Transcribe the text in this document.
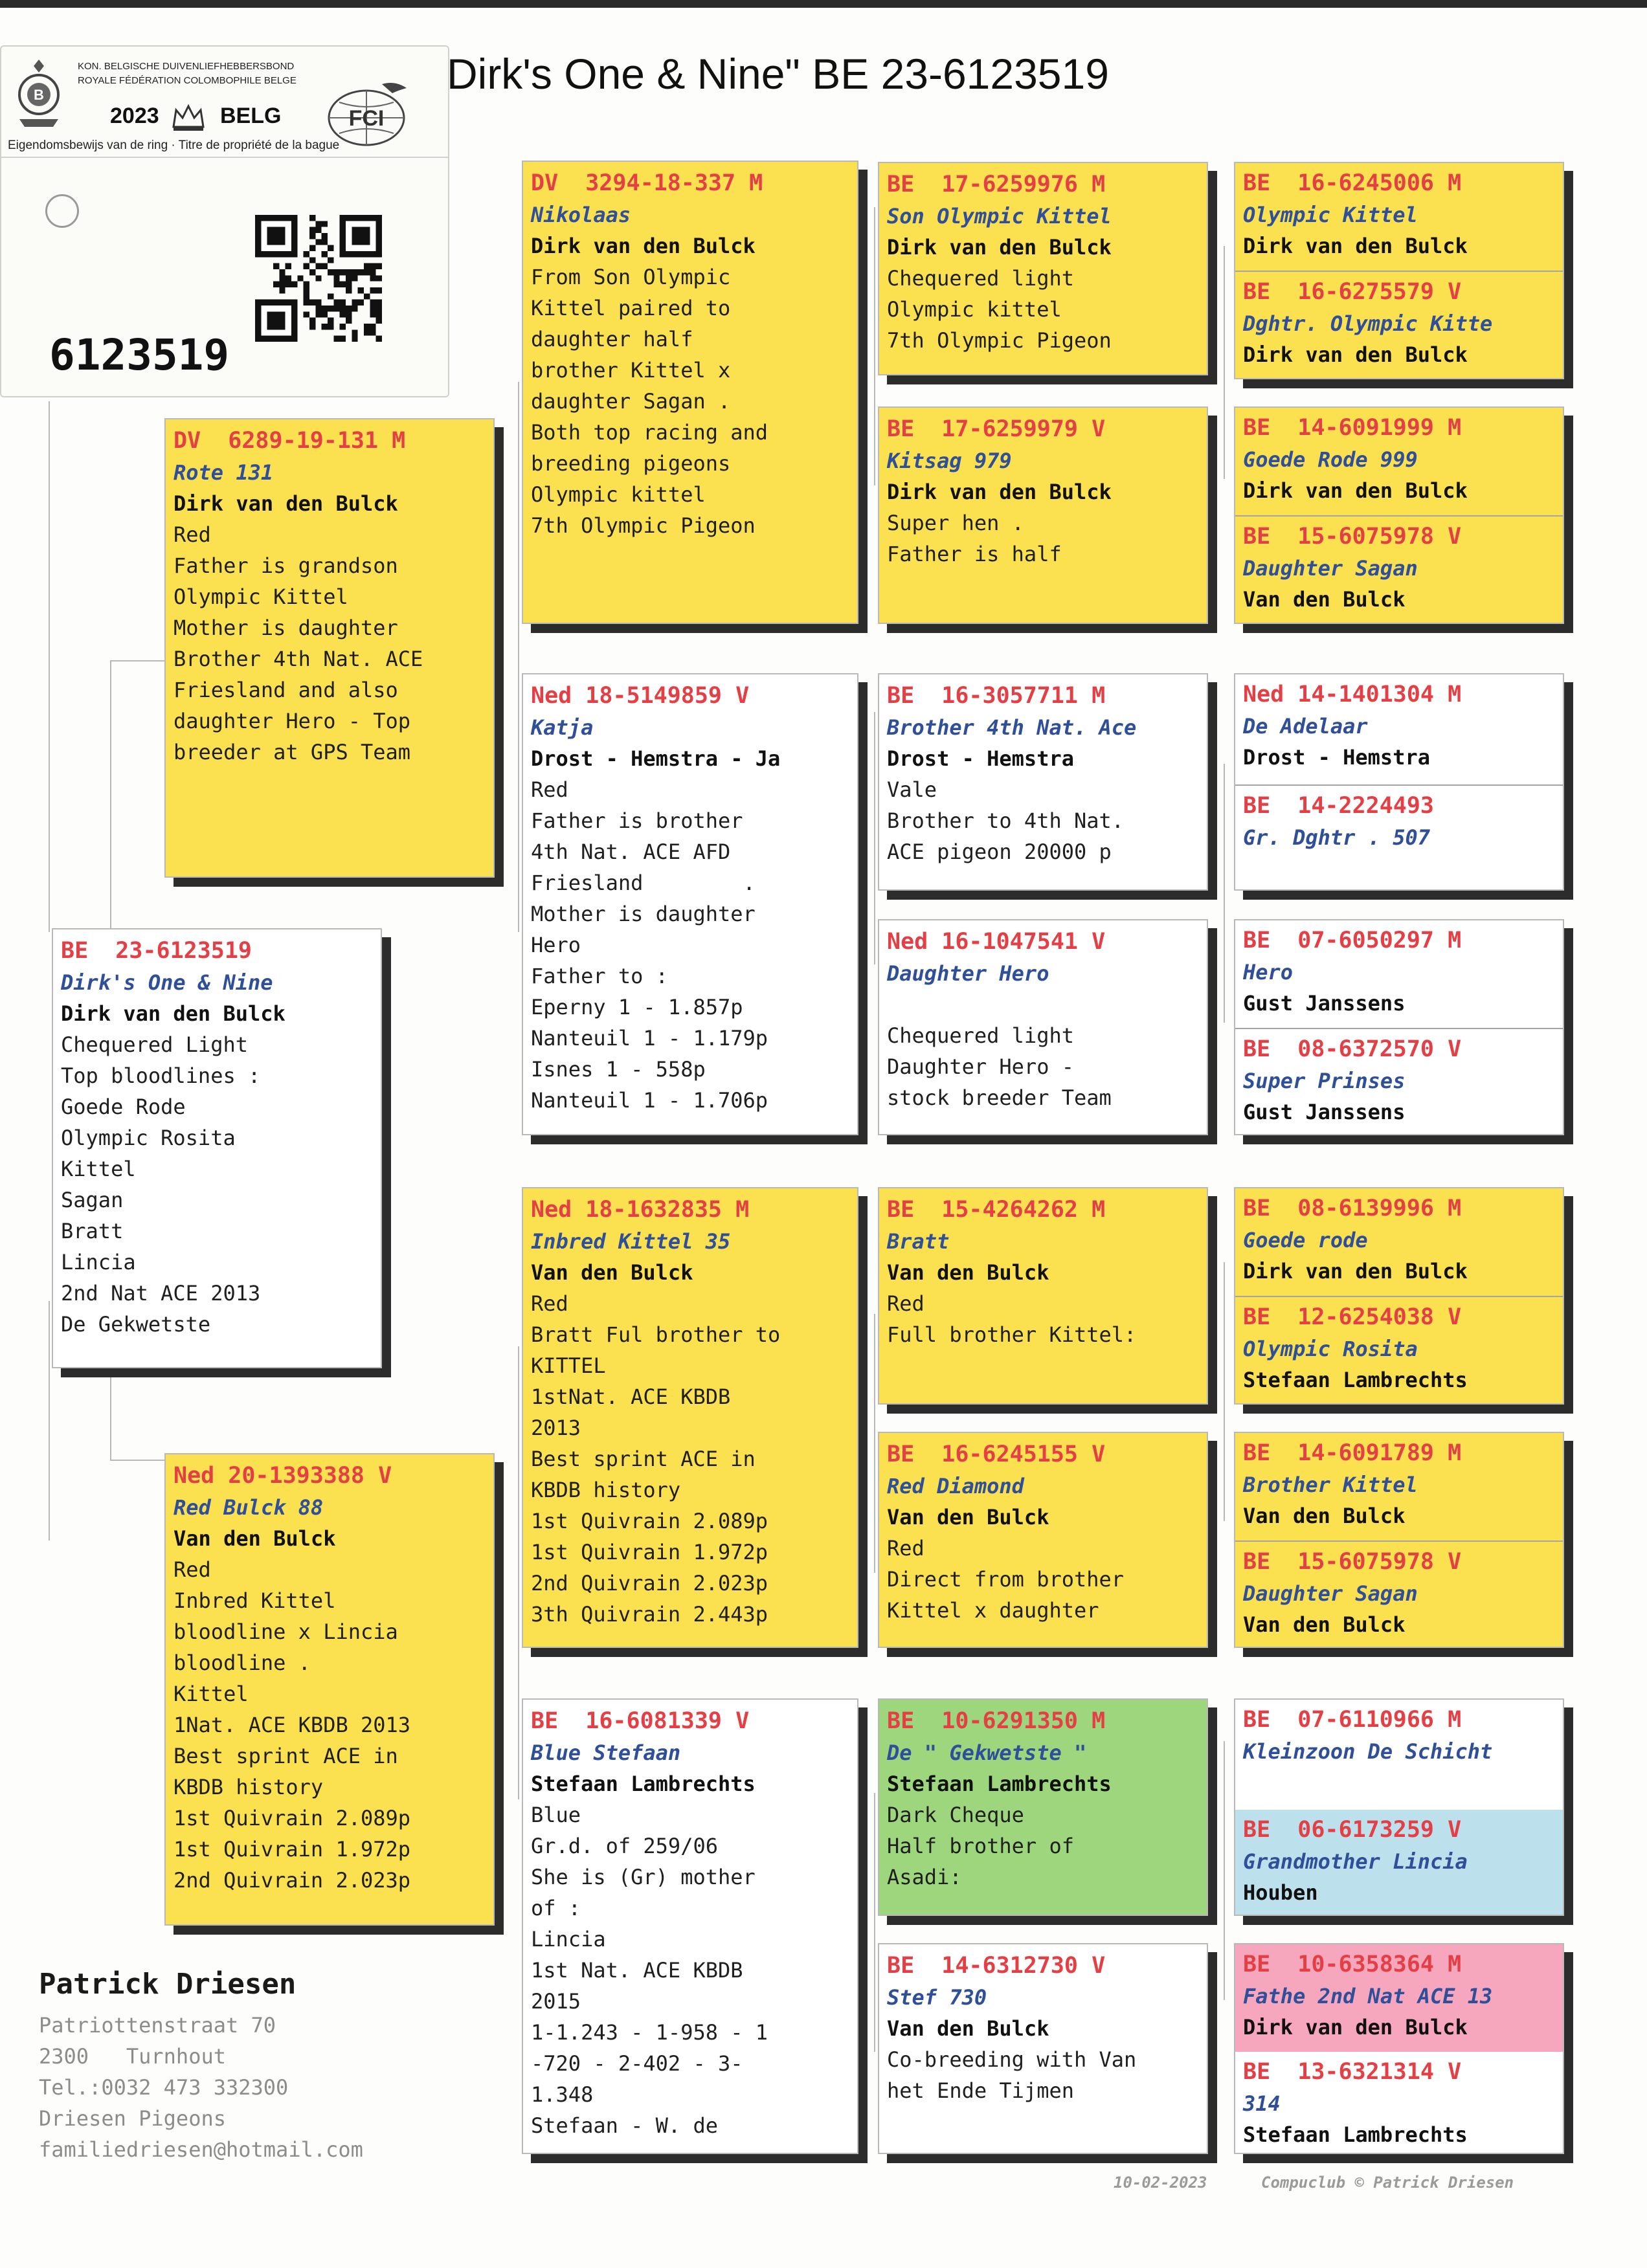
B
KON. BELGISCHE DUIVENLIEFHEBBERSBOND
ROYALE FÉDÉRATION COLOMBOPHILE BELGE
2023	BELG	FCI
Eigendomsbewijs van de ring · Titre de propriété de la bague
6123519
Dirk's One & Nine" BE 23-6123519

BE  23-6123519

Dirk's One & Nine

Dirk van den Bulck

Chequered Light

Top bloodlines :

Goede Rode

Olympic Rosita

Kittel

Sagan

Bratt

Lincia

2nd Nat ACE 2013

De Gekwetste

DV  6289-19-131 M

Rote 131

Dirk van den Bulck

Red

Father is grandson

Olympic Kittel

Mother is daughter

Brother 4th Nat. ACE

Friesland and also

daughter Hero - Top

breeder at GPS Team

Ned 20-1393388 V

Red Bulck 88

Van den Bulck

Red

Inbred Kittel

bloodline x Lincia

bloodline .

Kittel

1Nat. ACE KBDB 2013

Best sprint ACE in

KBDB history

1st Quivrain 2.089p

1st Quivrain 1.972p

2nd Quivrain 2.023p

DV  3294-18-337 M

Nikolaas

Dirk van den Bulck

From Son Olympic

Kittel paired to

daughter half

brother Kittel x

daughter Sagan .

Both top racing and

breeding pigeons

Olympic kittel

7th Olympic Pigeon

Ned 18-5149859 V

Katja

Drost - Hemstra - Ja

Red

Father is brother

4th Nat. ACE AFD

Friesland        .

Mother is daughter

Hero

Father to :

Eperny 1 - 1.857p

Nanteuil 1 - 1.179p

Isnes 1 - 558p

Nanteuil 1 - 1.706p

Ned 18-1632835 M

Inbred Kittel 35

Van den Bulck

Red

Bratt Ful brother to

KITTEL

1stNat. ACE KBDB

2013

Best sprint ACE in

KBDB history

1st Quivrain 2.089p

1st Quivrain 1.972p

2nd Quivrain 2.023p

3th Quivrain 2.443p

BE  16-6081339 V

Blue Stefaan

Stefaan Lambrechts

Blue

Gr.d. of 259/06

She is (Gr) mother

of :

Lincia

1st Nat. ACE KBDB

2015

1-1.243 - 1-958 - 1

-720 - 2-402 - 3-

1.348

Stefaan - W. de

BE  17-6259976 M

Son Olympic Kittel

Dirk van den Bulck

Chequered light

Olympic kittel

7th Olympic Pigeon

BE  17-6259979 V

Kitsag 979

Dirk van den Bulck

Super hen .

Father is half

BE  16-3057711 M

Brother 4th Nat. Ace

Drost - Hemstra

Vale

Brother to 4th Nat.

ACE pigeon 20000 p

Ned 16-1047541 V

Daughter Hero

Chequered light

Daughter Hero -

stock breeder Team

BE  15-4264262 M

Bratt

Van den Bulck

Red

Full brother Kittel:

BE  16-6245155 V

Red Diamond

Van den Bulck

Red

Direct from brother

Kittel x daughter

BE  10-6291350 M

De " Gekwetste "

Stefaan Lambrechts

Dark Cheque

Half brother of

Asadi:

BE  14-6312730 V

Stef 730

Van den Bulck

Co-breeding with Van

het Ende Tijmen

BE  16-6245006 M

Olympic Kittel

Dirk van den Bulck

BE  16-6275579 V

Dghtr. Olympic Kitte

Dirk van den Bulck

BE  14-6091999 M

Goede Rode 999

Dirk van den Bulck

BE  15-6075978 V

Daughter Sagan

Van den Bulck

Ned 14-1401304 M

De Adelaar

Drost - Hemstra

BE  14-2224493

Gr. Dghtr . 507

BE  07-6050297 M

Hero

Gust Janssens

BE  08-6372570 V

Super Prinses

Gust Janssens

BE  08-6139996 M

Goede rode

Dirk van den Bulck

BE  12-6254038 V

Olympic Rosita

Stefaan Lambrechts

BE  14-6091789 M

Brother Kittel

Van den Bulck

BE  15-6075978 V

Daughter Sagan

Van den Bulck

BE  07-6110966 M

Kleinzoon De Schicht

BE  06-6173259 V

Grandmother Lincia

Houben

BE  10-6358364 M

Fathe 2nd Nat ACE 13

Dirk van den Bulck

BE  13-6321314 V

314

Stefaan Lambrechts

Patrick Driesen
Patriottenstraat 70
2300   Turnhout
Tel.:0032 473 332300
Driesen Pigeons
familiedriesen@hotmail.com
10-02-2023	Compuclub © Patrick Driesen
